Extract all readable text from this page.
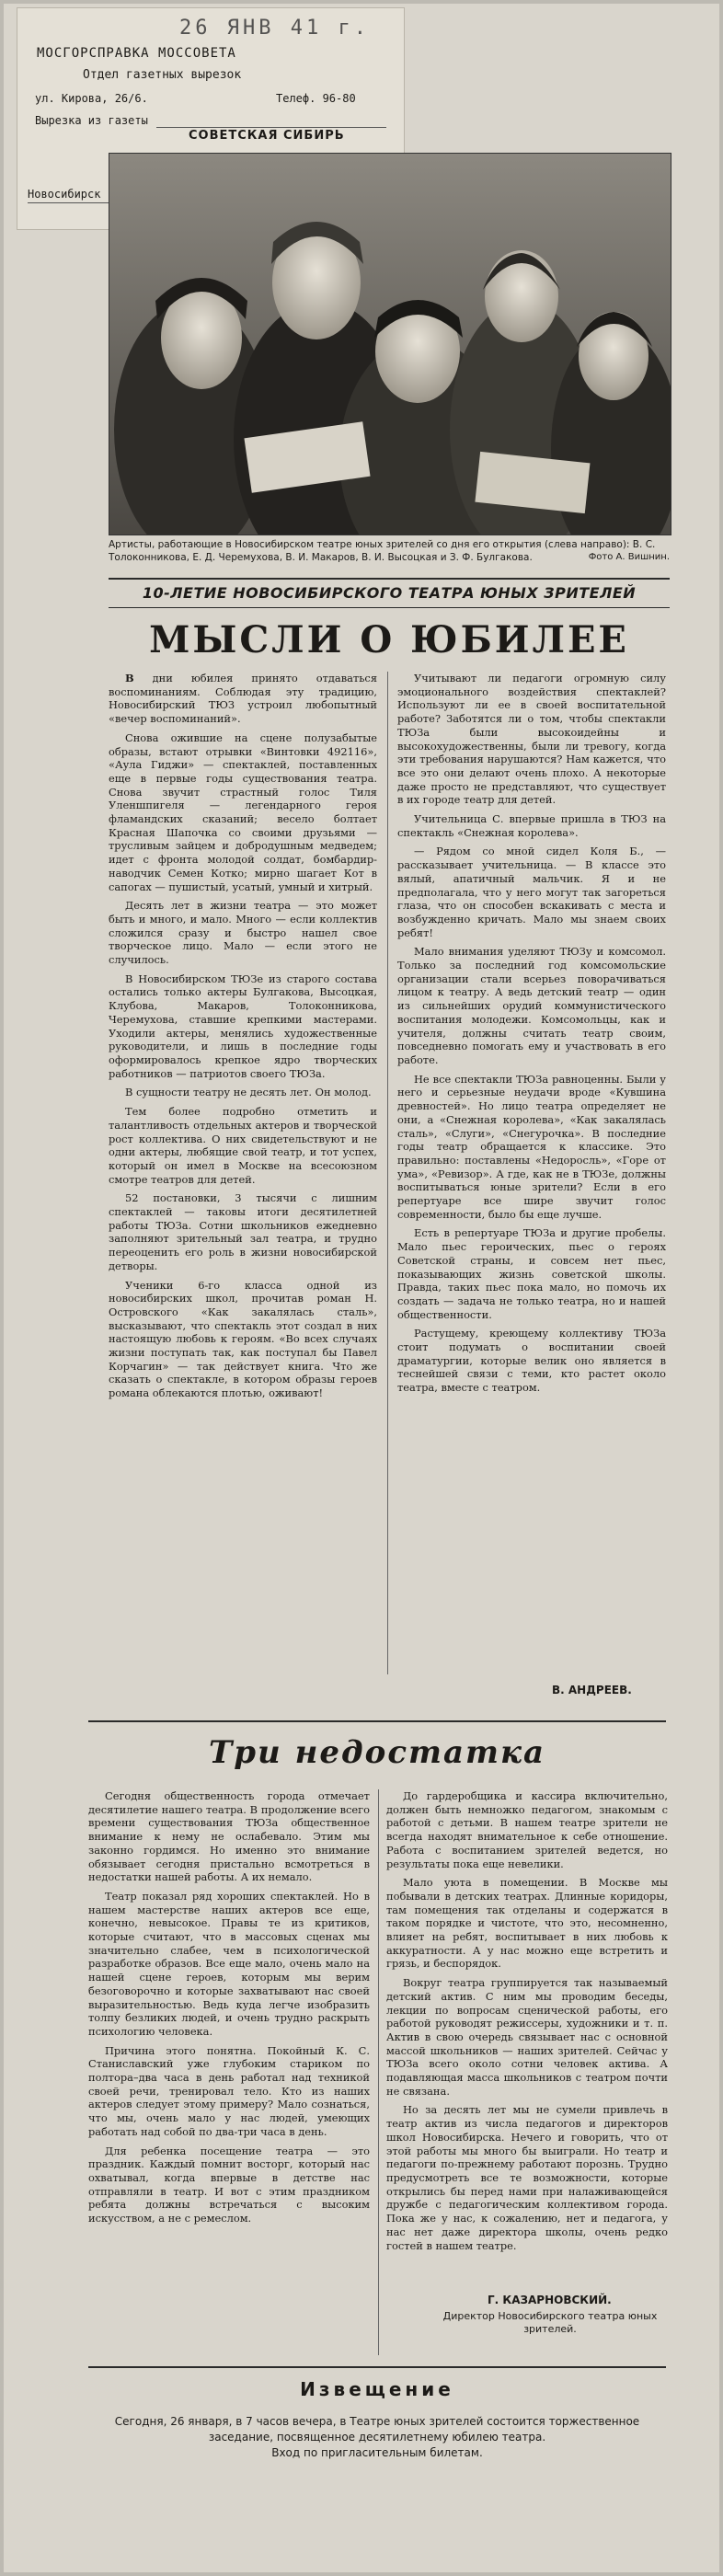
26 ЯНВ 41 г.
МОСГОРСПРАВКА МОССОВЕТА
Отдел газетных вырезок
ул. Кирова, 26/6.	Телеф. 96-80
Вырезка из газеты
СОВЕТСКАЯ СИБИРЬ
Новосибирск

Артисты, работающие в Новосибирском театре юных зрителей со дня его открытия (слева направо): В. С. Толоконникова, Е. Д. Черемухова, В. И. Макаров, В. И. Высоцкая и З. Ф. Булгакова.	Фото А. Вишнин.
10-ЛЕТИЕ НОВОСИБИРСКОГО ТЕАТРА ЮНЫХ ЗРИТЕЛЕЙ
МЫСЛИ О ЮБИЛЕЕ

В дни юбилея принято отдаваться воспоминаниям. Соблюдая эту традицию, Новосибирский ТЮЗ устроил любопытный «вечер воспоминаний».

Снова ожившие на сцене полузабытые образы, встают отрывки «Винтовки 492116», «Аула Гиджи» — спектаклей, поставленных еще в первые годы существования театра. Снова звучит страстный голос Тиля Уленшпигеля — легендарного героя фламандских сказаний; весело болтает Красная Шапочка со своими друзьями — трусливым зайцем и добродушным медведем; идет с фронта молодой солдат, бомбардир-наводчик Семен Котко; мирно шагает Кот в сапогах — пушистый, усатый, умный и хитрый.

Десять лет в жизни театра — это может быть и много, и мало. Много — если коллектив сложился сразу и быстро нашел свое творческое лицо. Мало — если этого не случилось.

В Новосибирском ТЮЗе из старого состава остались только актеры Булгакова, Высоцкая, Клубова, Макаров, Толоконникова, Черемухова, ставшие крепкими мастерами. Уходили актеры, менялись художественные руководители, и лишь в последние годы оформировалось крепкое ядро творческих работников — патриотов своего ТЮЗа.

В сущности театру не десять лет. Он молод.

Тем более подробно отметить и талантливость отдельных актеров и творческой рост коллектива. О них свидетельствуют и не одни актеры, любящие свой театр, и тот успех, который он имел в Москве на всесоюзном смотре театров для детей.

52 постановки, 3 тысячи с лишним спектаклей — таковы итоги десятилетней работы ТЮЗа. Сотни школьников ежедневно заполняют зрительный зал театра, и трудно переоценить его роль в жизни новосибирской детворы.

Ученики 6-го класса одной из новосибирских школ, прочитав роман Н. Островского «Как закалялась сталь», высказывают, что спектакль этот создал в них настоящую любовь к героям. «Во всех случаях жизни поступать так, как поступал бы Павел Корчагин» — так действует книга. Что же сказать о спектакле, в котором образы героев романа облекаются плотью, оживают!

Учитывают ли педагоги огромную силу эмоционального воздействия спектаклей? Используют ли ее в своей воспитательной работе? Заботятся ли о том, чтобы спектакли ТЮЗа были высокоидейны и высокохудожественны, были ли тревогу, когда эти требования нарушаются? Нам кажется, что все это они делают очень плохо. А некоторые даже просто не представляют, что существует в их городе театр для детей.

Учительница С. впервые пришла в ТЮЗ на спектакль «Снежная королева».

— Рядом со мной сидел Коля Б., — рассказывает учительница. — В классе это вялый, апатичный мальчик. Я и не предполагала, что у него могут так загореться глаза, что он способен вскакивать с места и возбужденно кричать. Мало мы знаем своих ребят!

Мало внимания уделяют ТЮЗу и комсомол. Только за последний год комсомольские организации стали всерьез поворачиваться лицом к театру. А ведь детский театр — один из сильнейших орудий коммунистического воспитания молодежи. Комсомольцы, как и учителя, должны считать театр своим, повседневно помогать ему и участвовать в его работе.

Не все спектакли ТЮЗа равноценны. Были у него и серьезные неудачи вроде «Кувшина древностей». Но лицо театра определяет не они, а «Снежная королева», «Как закалялась сталь», «Слуги», «Снегурочка». В последние годы театр обращается к классике. Это правильно: поставлены «Недоросль», «Горе от ума», «Ревизор». А где, как не в ТЮЗе, должны воспитываться юные зрители? Если в его репертуаре все шире звучит голос современности, было бы еще лучше.

Есть в репертуаре ТЮЗа и другие пробелы. Мало пьес героических, пьес о героях Советской страны, и совсем нет пьес, показывающих жизнь советской школы. Правда, таких пьес пока мало, но помочь их создать — задача не только театра, но и нашей общественности.

Растущему, креющему коллективу ТЮЗа стоит подумать о воспитании своей драматургии, которые велик оно является в теснейшей связи с теми, кто растет около театра, вместе с театром.

В. АНДРЕЕВ.
Три недостатка

Сегодня общественность города отмечает десятилетие нашего театра. В продолжение всего времени существования ТЮЗа общественное внимание к нему не ослабевало. Этим мы законно гордимся. Но именно это внимание обязывает сегодня пристально всмотреться в недостатки нашей работы. А их немало.

Театр показал ряд хороших спектаклей. Но в нашем мастерстве наших актеров все еще, конечно, невысокое. Правы те из критиков, которые считают, что в массовых сценах мы значительно слабее, чем в психологической разработке образов. Все еще мало, очень мало на нашей сцене героев, которым мы верим безоговорочно и которые захватывают нас своей выразительностью. Ведь куда легче изобразить толпу безликих людей, и очень трудно раскрыть психологию человека.

Причина этого понятна. Покойный К. С. Станиславский уже глубоким стариком по полтора–два часа в день работал над техникой своей речи, тренировал тело. Кто из наших актеров следует этому примеру? Мало сознаться, что мы, очень мало у нас людей, умеющих работать над собой по два-три часа в день.

Для ребенка посещение театра — это праздник. Каждый помнит восторг, который нас охватывал, когда впервые в детстве нас отправляли в театр. И вот с этим праздником ребята должны встречаться с высоким искусством, а не с ремеслом.

До гардеробщика и кассира включительно, должен быть немножко педагогом, знакомым с работой с детьми. В нашем театре зрители не всегда находят внимательное к себе отношение. Работа с воспитанием зрителей ведется, но результаты пока еще невелики.

Мало уюта в помещении. В Москве мы побывали в детских театрах. Длинные коридоры, там помещения так отделаны и содержатся в таком порядке и чистоте, что это, несомненно, влияет на ребят, воспитывает в них любовь к аккуратности. А у нас можно еще встретить и грязь, и беспорядок.

Вокруг театра группируется так называемый детский актив. С ним мы проводим беседы, лекции по вопросам сценической работы, его работой руководят режиссеры, художники и т. п. Актив в свою очередь связывает нас с основной массой школьников — наших зрителей. Сейчас у ТЮЗа всего около сотни человек актива. А подавляющая масса школьников с театром почти не связана.

Но за десять лет мы не сумели привлечь в театр актив из числа педагогов и директоров школ Новосибирска. Нечего и говорить, что от этой работы мы много бы выиграли. Но театр и педагоги по-прежнему работают порознь. Трудно предусмотреть все те возможности, которые открылись бы перед нами при налаживающейся дружбе с педагогическим коллективом города. Пока же у нас, к сожалению, нет и педагога, у нас нет даже директора школы, очень редко гостей в нашем театре.

Г. КАЗАРНОВСКИЙ.
Директор Новосибирского театра юных зрителей.
Извещение

Сегодня, 26 января, в 7 часов вечера, в Театре юных зрителей состоится торжественное заседание, посвященное десятилетнему юбилею театра.

Вход по пригласительным билетам.
